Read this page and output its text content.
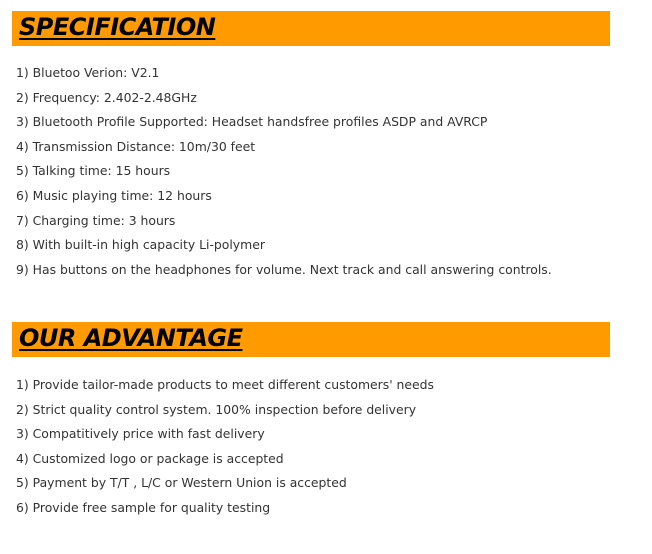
SPECIFICATION
1) Bluetoo Verion: V2.1
2) Frequency: 2.402-2.48GHz
3) Bluetooth Profile Supported: Headset handsfree profiles ASDP and AVRCP
4) Transmission Distance: 10m/30 feet
5) Talking time: 15 hours
6) Music playing time: 12 hours
7) Charging time: 3 hours
8) With built-in high capacity Li-polymer
9) Has buttons on the headphones for volume. Next track and call answering controls.
OUR ADVANTAGE
1) Provide tailor-made products to meet different customers' needs
2) Strict quality control system. 100% inspection before delivery
3) Compatitively price with fast delivery
4) Customized logo or package is accepted
5) Payment by T/T , L/C or Western Union is accepted
6) Provide free sample for quality testing
